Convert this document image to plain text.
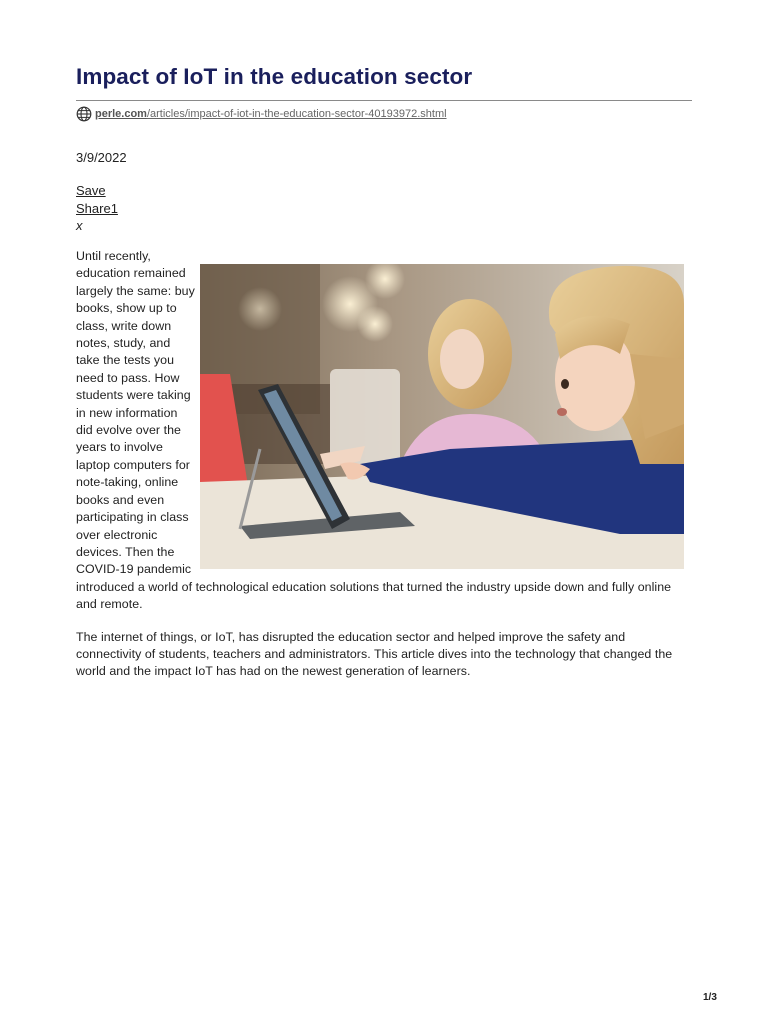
Impact of IoT in the education sector
perle.com /articles/impact-of-iot-in-the-education-sector-40193972.shtml
3/9/2022
Save
Share1
x

Until recently, education remained largely the same: buy books, show up to class, write down notes, study, and take the tests you need to pass. How students were taking in new information did evolve over the years to involve laptop computers for note-taking, online books and even participating in class over electronic devices. Then the COVID-19 pandemic introduced a world of technological education solutions that turned the industry upside down and fully online and remote.

The internet of things, or IoT, has disrupted the education sector and helped improve the safety and connectivity of students, teachers and administrators. This article dives into the technology that changed the world and the impact IoT has had on the newest generation of learners.

1/3
